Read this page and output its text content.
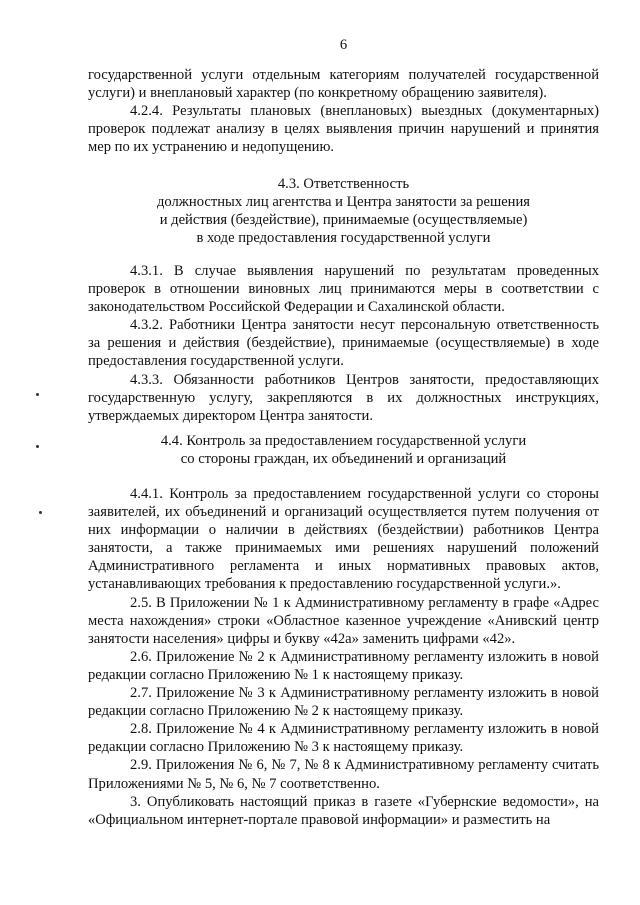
6

государственной услуги отдельным категориям получателей государственной услуги) и внеплановый характер (по конкретному обращению заявителя).

4.2.4. Результаты плановых (внеплановых) выездных (документарных) проверок подлежат анализу в целях выявления причин нарушений и принятия мер по их устранению и недопущению.

4.3. Ответственность

должностных лиц агентства и Центра занятости за решения

и действия (бездействие), принимаемые (осуществляемые)

в ходе предоставления государственной услуги

4.3.1. В случае выявления нарушений по результатам проведенных проверок в отношении виновных лиц принимаются меры в соответствии с законодательством Российской Федерации и Сахалинской области.

4.3.2. Работники Центра занятости несут персональную ответственность за решения и действия (бездействие), принимаемые (осуществляемые) в ходе предоставления государственной услуги.

4.3.3. Обязанности работников Центров занятости, предоставляющих государственную услугу, закрепляются в их должностных инструкциях, утверждаемых директором Центра занятости.

4.4. Контроль за предоставлением государственной услуги

со стороны граждан, их объединений и организаций

4.4.1. Контроль за предоставлением государственной услуги со стороны заявителей, их объединений и организаций осуществляется путем получения от них информации о наличии в действиях (бездействии) работников Центра занятости, а также принимаемых ими решениях нарушений положений Административного регламента и иных нормативных правовых актов, устанавливающих требования к предоставлению государственной услуги.».

2.5. В Приложении № 1 к Административному регламенту в графе «Адрес места нахождения» строки «Областное казенное учреждение «Анивский центр занятости населения» цифры и букву «42а» заменить цифрами «42».

2.6. Приложение № 2 к Административному регламенту изложить в новой редакции согласно Приложению № 1 к настоящему приказу.

2.7. Приложение № 3 к Административному регламенту изложить в новой редакции согласно Приложению № 2 к настоящему приказу.

2.8. Приложение № 4 к Административному регламенту изложить в новой редакции согласно Приложению № 3 к настоящему приказу.

2.9. Приложения № 6, № 7, № 8 к Административному регламенту считать Приложениями № 5, № 6, № 7 соответственно.

3. Опубликовать настоящий приказ в газете «Губернские ведомости», на «Официальном интернет-портале правовой информации» и разместить на
